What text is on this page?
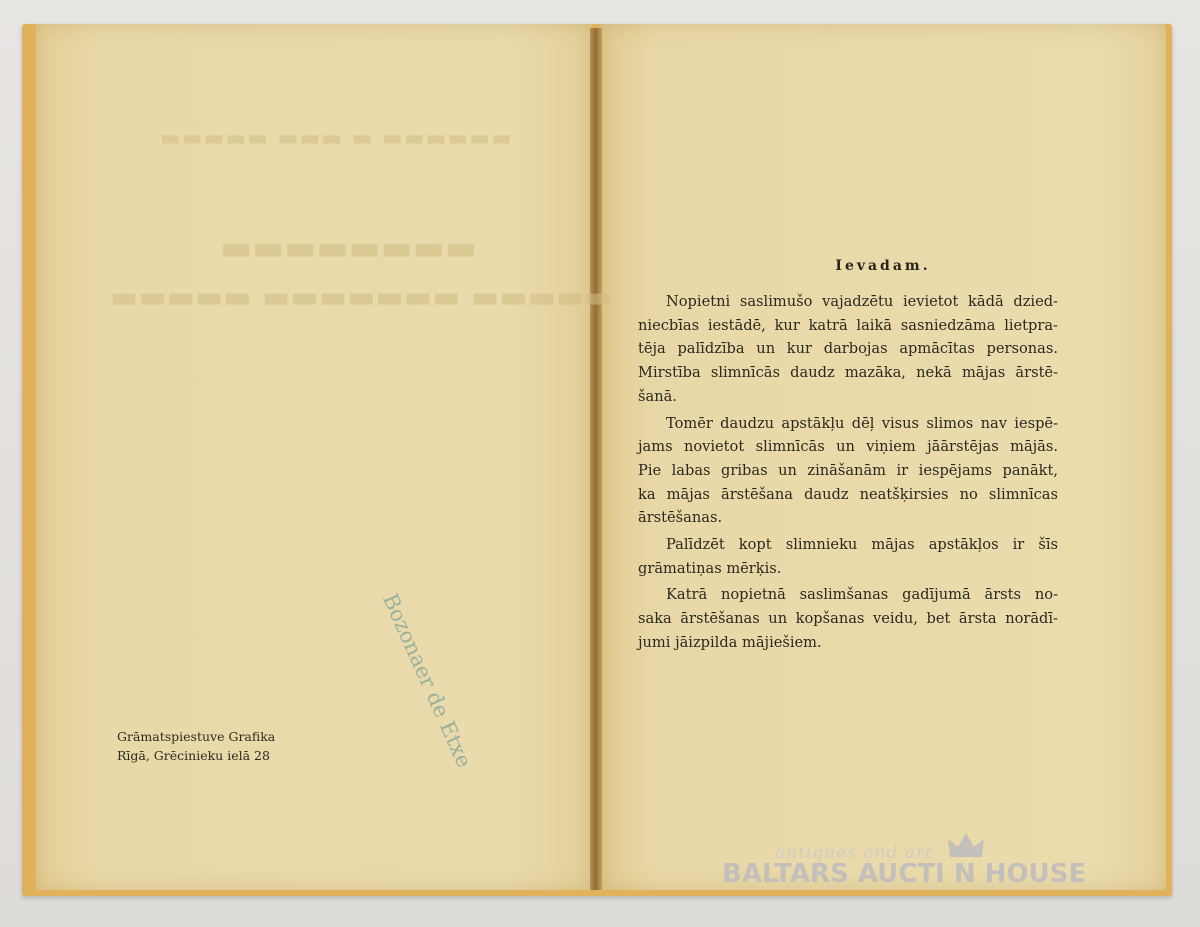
▬▬▬▬▬ ▬▬▬ ▬ ▬▬▬▬▬▬
▬▬▬▬▬▬▬▬
▬▬▬▬▬ ▬▬▬▬▬▬▬ ▬▬▬▬▬
Bozonaer de Etxe
Grāmatspiestuve Grafika
Rīgā, Grēcinieku ielā 28
Ievadam.
Nopietni saslimušo vajadzētu ievietot kādā dzied-
niecbīas iestādē, kur katrā laikā sasniedzāma lietpra-
tēja palīdzība un kur darbojas apmācītas personas.
Mirstība slimnīcās daudz mazāka, nekā mājas ārstē-
šanā.
Tomēr daudzu apstākļu dēļ visus slimos nav iespē-
jams novietot slimnīcās un viņiem jāārstējas mājās.
Pie labas gribas un zināšanām ir iespējams panākt,
ka mājas ārstēšana daudz neatšķirsies no slimnīcas
ārstēšanas.
Palīdzēt kopt slimnieku mājas apstākļos ir šīs
grāmatiņas mērķis.
Katrā nopietnā saslimšanas gadījumā ārsts no-
saka ārstēšanas un kopšanas veidu, bet ārsta norādī-
jumi jāizpilda mājiešiem.
antiques and art
BALTARS AUCTI N HOUSE
